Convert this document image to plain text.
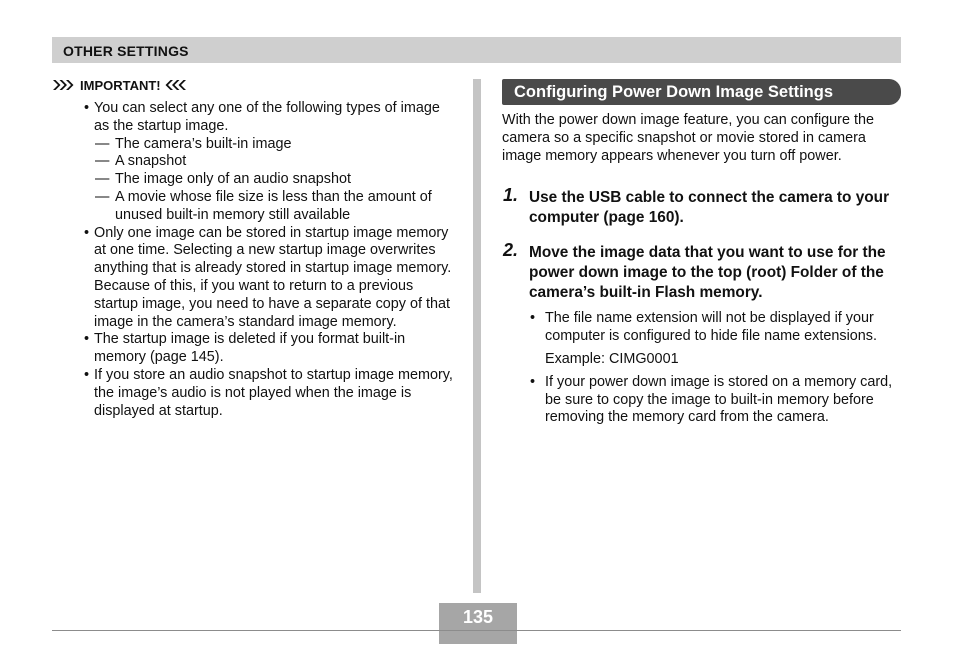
OTHER SETTINGS
IMPORTANT!
• You can select any one of the following types of image as the startup image.
— The camera’s built-in image
— A snapshot
— The image only of an audio snapshot
— A movie whose file size is less than the amount of unused built-in memory still available
• Only one image can be stored in startup image memory at one time. Selecting a new startup image overwrites anything that is already stored in startup image memory. Because of this, if you want to return to a previous startup image, you need to have a separate copy of that image in the camera’s standard image memory.
• The startup image is deleted if you format built-in memory (page 145).
• If you store an audio snapshot to startup image memory, the image’s audio is not played when the image is displayed at startup.
Configuring Power Down Image Settings
With the power down image feature, you can configure the camera so a specific snapshot or movie stored in camera image memory appears whenever you turn off power.
1. Use the USB cable to connect the camera to your computer (page 160).
2. Move the image data that you want to use for the power down image to the top (root) Folder of the camera’s built-in Flash memory.
• The file name extension will not be displayed if your computer is configured to hide file name extensions.
Example: CIMG0001
• If your power down image is stored on a memory card, be sure to copy the image to built-in memory before removing the memory card from the camera.
135
